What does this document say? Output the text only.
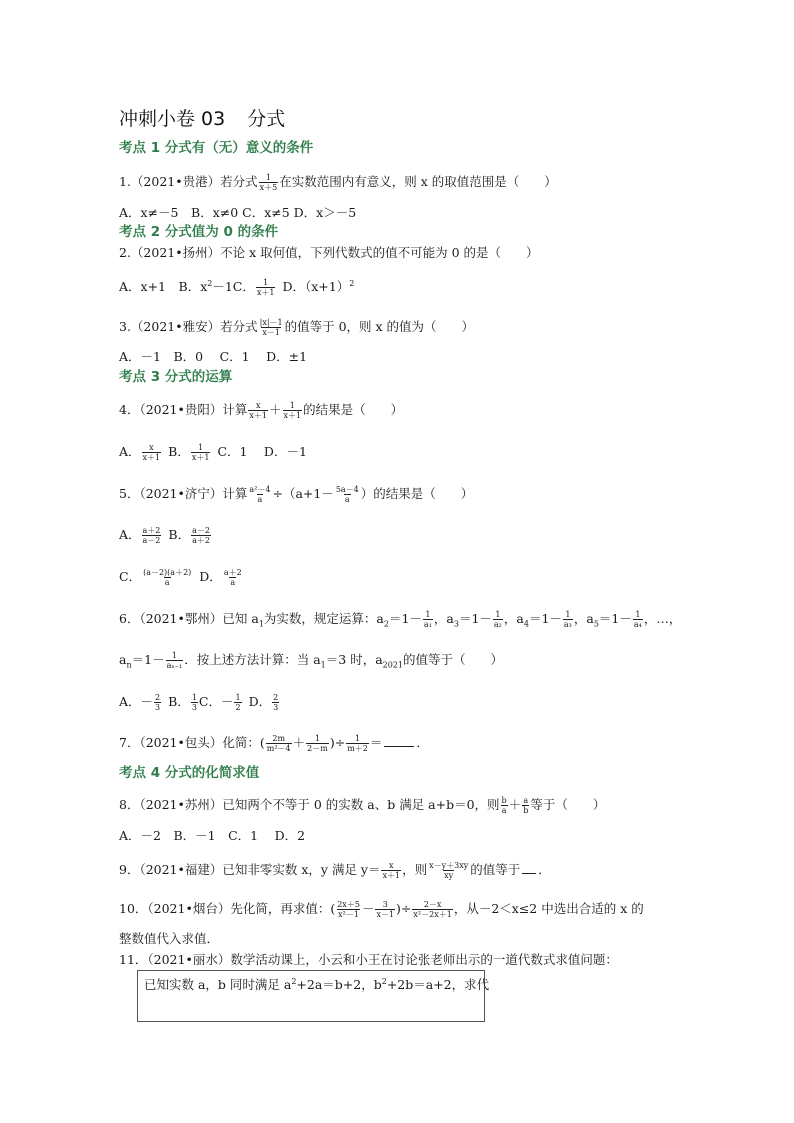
冲刺小卷 03 分式
考点 1 分式有（无）意义的条件
1.（2021•贵港）若分式 $\frac{1}{x+5}$ 在实数范围内有意义，则 x 的取值范围是（　　）
A．x≠－5　B．x≠0 C．x≠5 D．x＞－5
考点 2 分式值为 0 的条件
2.（2021•扬州）不论 x 取何值，下列代数式的值不可能为 0 的是（　　）
A．x+1　B．$x^2-1C$． $\frac{1}{x+1}$ D．$(x+1)^2$
3.（2021•雅安）若分式 $\frac{|x|-1}{x-1}$ 的值等于 0，则 x 的值为（　　）
A．－1　B．0　 C．1　 D．±1
考点 3 分式的运算
4．（2021•贵阳）计算 $\frac{x}{x+1} + \frac{1}{x+1}$ 的结果是（　　）
A． $\frac{x}{x+1}$ B． $\frac{1}{x+1}$ C．1　 D．－1
5．（2021•济宁）计算 $\frac{\text{a²－4}}{a} \div(a+1- \frac{5a-4}{a}$ ）的结果是（　　）
A． $\frac{a+2}{a-2}$ B． $\frac{a-2}{a+2}$
C． $\frac{(a-2)(a+2)}{a}$ D． $\frac{a+2}{a}$
6．（2021•鄂州）已知 $a_1$为实数，规定运算：$a_2=1- \frac{1}{\text{a₁}}$ ，$a_3=1- \frac{1}{\text{a₂}}$ ，$a_4=1- \frac{1}{\text{a₃}}$ ，$a_5=1- \frac{1}{\text{a₄}}$ ，…，
$a_n=1- \frac{1}{\text{aₙ₋₁}}$ ．按上述方法计算：当 $a_1=3$ 时，$a_{2021}$的值等于（　　）
A．－ $\frac{2}{3}$ B． $\frac{1}{3}$ C．－ $\frac{1}{2}$ D． $\frac{2}{3}$
7．（2021•包头）化简：( $\frac{2m}{\text{m²－4}} + \frac{1}{2-m}$ )÷ $\frac{1}{m+2}$ ＝	．
考点 4 分式的化简求值
8．（2021•苏州）已知两个不等于 0 的实数 a、b 满足 a+b＝0，则 $\frac{b}{a} + \frac{a}{b}$ 等于（　　）
A．－2　B．－1　C．1　 D．2
9．（2021•福建）已知非零实数 x，y 满足 $y= \frac{x}{x+1}$ ，则 $\frac{x-y+3xy}{xy}$ 的值等于 ．
10．（2021•烟台）先化简，再求值：( $\frac{2x+5}{\text{x²－1}} - \frac{3}{x-1}$ )÷ $\frac{2-x}{\text{x²－2x＋1}}$ ，从－2＜x≤2 中选出合适的 x 的
整数值代入求值．
11．（2021•丽水）数学活动课上，小云和小王在讨论张老师出示的一道代数式求值问题：
已知实数 a，b 同时满足 $a^2+2a=b+2$，$b^2+2b=a+2$，求代
